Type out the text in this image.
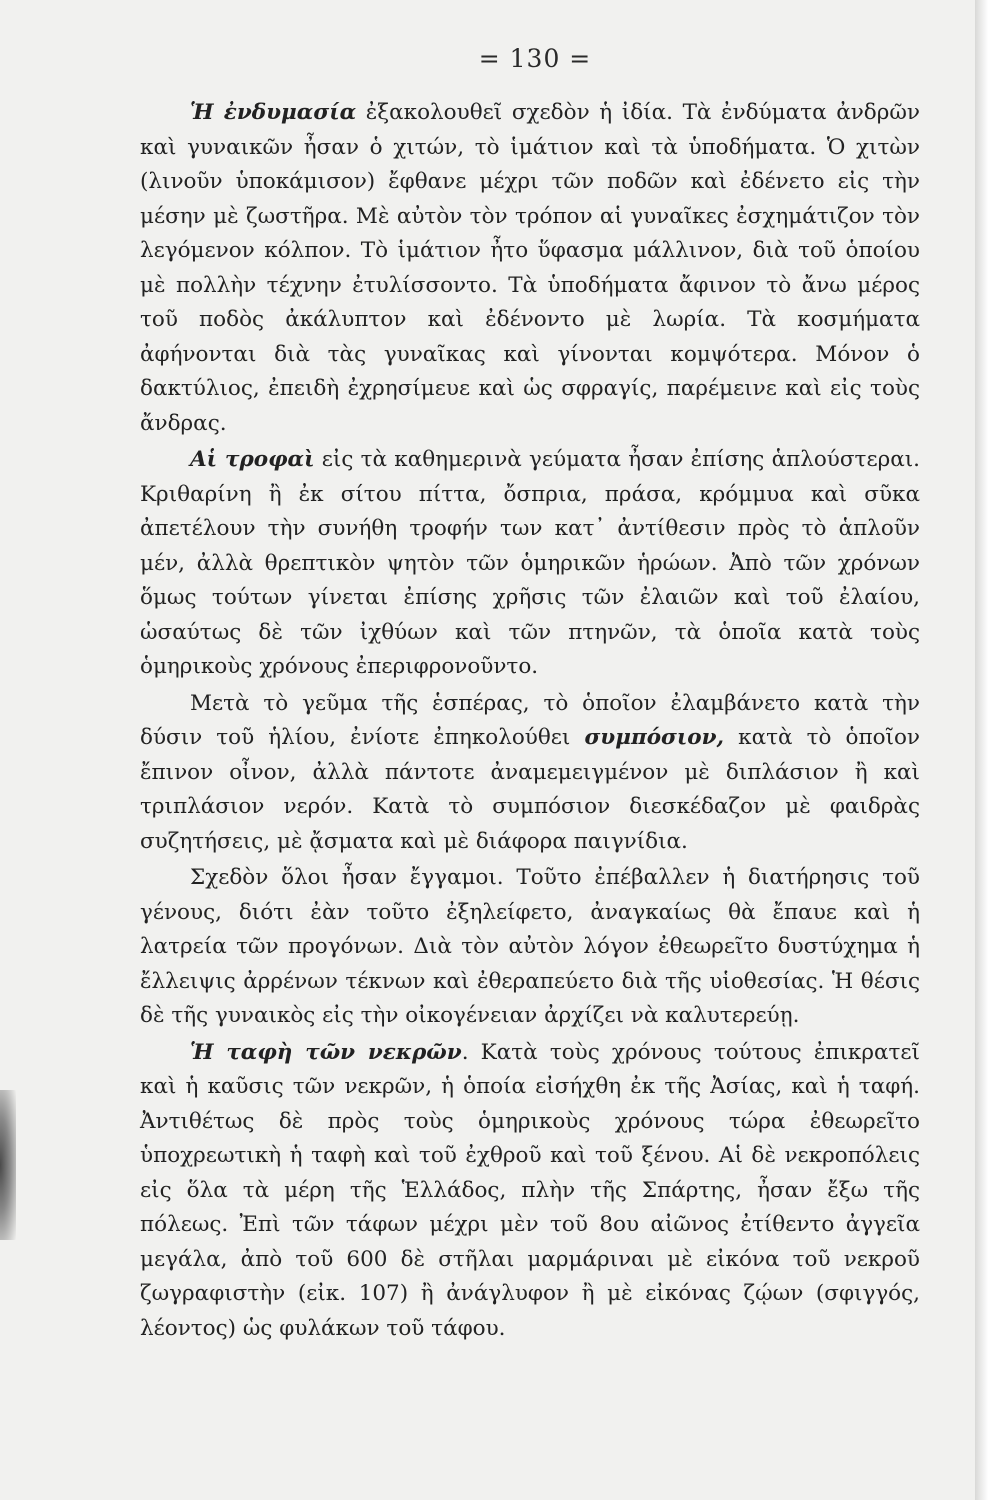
= 130 =

Ἡ ἐνδυμασία ἐξακολουθεῖ σχεδὸν ἡ ἰδία. Τὰ ἐνδύματα ἀνδρῶν καὶ γυναικῶν ἦσαν ὁ χιτών, τὸ ἱμάτιον καὶ τὰ ὑποδήματα. Ὁ χιτὼν (λινοῦν ὑποκάμισον) ἔφθανε μέχρι τῶν ποδῶν καὶ ἐδένετο εἰς τὴν μέσην μὲ ζωστῆρα. Μὲ αὐτὸν τὸν τρόπον αἱ γυναῖκες ἐσχημάτιζον τὸν λεγόμενον κόλπον. Τὸ ἱμάτιον ἦτο ὕφασμα μάλλινον, διὰ τοῦ ὁποίου μὲ πολλὴν τέχνην ἐτυλίσσοντο. Τὰ ὑποδήματα ἄφινον τὸ ἄνω μέρος τοῦ ποδὸς ἀκάλυπτον καὶ ἐδένοντο μὲ λωρία. Τὰ κοσμήματα ἀφήνονται διὰ τὰς γυναῖκας καὶ γίνονται κομψότερα. Μόνον ὁ δακτύλιος, ἐπειδὴ ἐχρησίμευε καὶ ὡς σφραγίς, παρέμεινε καὶ εἰς τοὺς ἄνδρας.

Αἱ τροφαὶ εἰς τὰ καθημερινὰ γεύματα ἦσαν ἐπίσης ἁπλούστεραι. Κριθαρίνη ἢ ἐκ σίτου πίττα, ὄσπρια, πράσα, κρόμμυα καὶ σῦκα ἀπετέλουν τὴν συνήθη τροφήν των κατ᾽ ἀντίθεσιν πρὸς τὸ ἁπλοῦν μέν, ἀλλὰ θρεπτικὸν ψητὸν τῶν ὁμηρικῶν ἡρώων. Ἀπὸ τῶν χρόνων ὅμως τούτων γίνεται ἐπίσης χρῆσις τῶν ἐλαιῶν καὶ τοῦ ἐλαίου, ὡσαύτως δὲ τῶν ἰχθύων καὶ τῶν πτηνῶν, τὰ ὁποῖα κατὰ τοὺς ὁμηρικοὺς χρόνους ἐπεριφρονοῦντο.

Μετὰ τὸ γεῦμα τῆς ἑσπέρας, τὸ ὁποῖον ἐλαμβάνετο κατὰ τὴν δύσιν τοῦ ἡλίου, ἐνίοτε ἐπηκολούθει συμπόσιον, κατὰ τὸ ὁποῖον ἔπινον οἶνον, ἀλλὰ πάντοτε ἀναμεμειγμένον μὲ διπλάσιον ἢ καὶ τριπλάσιον νερόν. Κατὰ τὸ συμπόσιον διεσκέδαζον μὲ φαιδρὰς συζητήσεις, μὲ ᾄσματα καὶ μὲ διάφορα παιγνίδια.

Σχεδὸν ὅλοι ἦσαν ἔγγαμοι. Τοῦτο ἐπέβαλλεν ἡ διατήρησις τοῦ γένους, διότι ἐὰν τοῦτο ἐξηλείφετο, ἀναγκαίως θὰ ἔπαυε καὶ ἡ λατρεία τῶν προγόνων. Διὰ τὸν αὐτὸν λόγον ἐθεωρεῖτο δυστύχημα ἡ ἔλλειψις ἀρρένων τέκνων καὶ ἐθεραπεύετο διὰ τῆς υἱοθεσίας. Ἡ θέσις δὲ τῆς γυναικὸς εἰς τὴν οἰκογένειαν ἀρχίζει νὰ καλυτερεύῃ.

Ἡ ταφὴ τῶν νεκρῶν. Κατὰ τοὺς χρόνους τούτους ἐπικρατεῖ καὶ ἡ καῦσις τῶν νεκρῶν, ἡ ὁποία εἰσήχθη ἐκ τῆς Ἀσίας, καὶ ἡ ταφή. Ἀντιθέτως δὲ πρὸς τοὺς ὁμηρικοὺς χρόνους τώρα ἐθεωρεῖτο ὑποχρεωτικὴ ἡ ταφὴ καὶ τοῦ ἐχθροῦ καὶ τοῦ ξένου. Αἱ δὲ νεκροπόλεις εἰς ὅλα τὰ μέρη τῆς Ἑλλάδος, πλὴν τῆς Σπάρτης, ἦσαν ἔξω τῆς πόλεως. Ἐπὶ τῶν τάφων μέχρι μὲν τοῦ 8ου αἰῶνος ἐτίθεντο ἀγγεῖα μεγάλα, ἀπὸ τοῦ 600 δὲ στῆλαι μαρμάριναι μὲ εἰκόνα τοῦ νεκροῦ ζωγραφιστὴν (εἰκ. 107) ἢ ἀνάγλυφον ἢ μὲ εἰκόνας ζῴων (σφιγγός, λέοντος) ὡς φυλάκων τοῦ τάφου.
